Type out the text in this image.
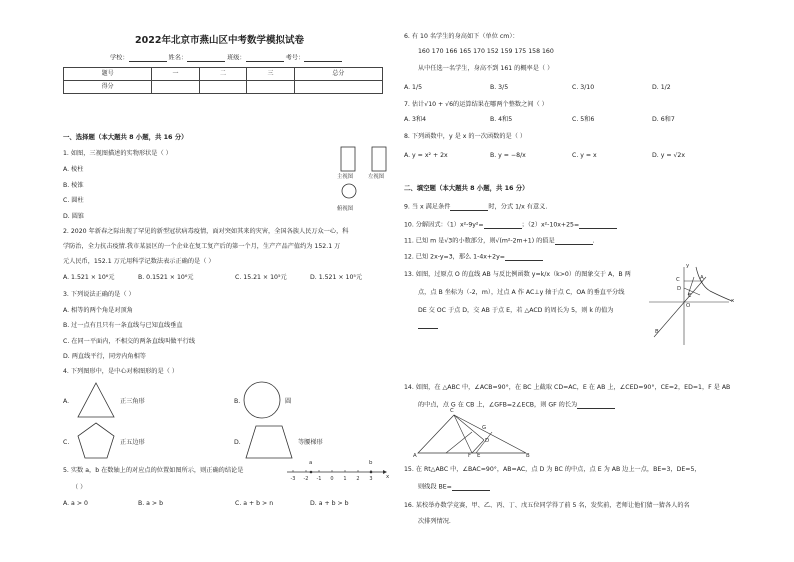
2022年北京市燕山区中考数学模拟试卷
学校：	姓名：	班级：	考号：
题号	一	二	三	总分
得分				
一、选择题（本大题共 8 小题，共 16 分）
1. 如图，三视图描述的实物形状是（ ）
A. 棱柱
B. 棱锥
C. 圆柱
D. 圆锥
主视图	左视图
俯视图
2. 2020 年新春之际出现了罕见的新型冠状病毒疫情，面对突如其来的灾害，全国各族人民万众一心，科
学防治，全力抗击疫情.我市某县区的一个企业在复工复产后的第一个月，生产产品产值约为 152.1 万
元人民币，152.1 万元用科学记数法表示正确的是（ ）
A. 1.521 × 10⁶元	B. 0.1521 × 10⁶元	C. 15.21 × 10⁵元	D. 1.521 × 10⁵元
3. 下列说法正确的是（ ）
A. 相等的两个角是对顶角
B. 过一点有且只有一条直线与已知直线垂直
C. 在同一平面内，不相交的两条直线叫做平行线
D. 两直线平行，同旁内角相等
4. 下列图形中，是中心对称图形的是（ ）
A.	正三角形	B.	圆
C.	正五边形	D.	等腰梯形
5. 实数 a，b 在数轴上的对应点的位置如图所示，则正确的结论是
（ ）
A. a > 0	B. a > b	C. a + b > n	D. a + b > b
-3 -2 -1 0 1 2 3
a	b
x
6. 有 10 名学生的身高如下（单位 cm）：
160 170 166 165 170 152 159 175 158 160
从中任选一名学生，身高不到 161 的概率是（ ）
A. 1/5	B. 3/5	C. 3/10	D. 1/2
7. 估计√10 + √6的运算结果在哪两个整数之间（ ）
A. 3和4	B. 4和5	C. 5和6	D. 6和7
8. 下列函数中，y 是 x 的一次函数的是（ ）
A. y = x² + 2x	B. y = −8/x	C. y = x	D. y = √2x
二、填空题（本大题共 8 小题，共 16 分）
9. 当 x 满足条件	时，分式 1/x 有意义.
10. 分解因式：（1）x²-9y²=	；（2）x²-10x+25=
11. 已知 m 是√3的小数部分，则√(m²-2m+1) 的值是	.
12. 已知 2x-y=3，那么 1-4x+2y=
13. 如图，过原点 O 的直线 AB 与反比例函数 y=k/x（k>0）的图象交于 A，B 两
点，点 B 坐标为（-2，m），过点 A 作 AC⊥y 轴于点 C，OA 的垂直平分线
DE 交 OC 于点 D，交 AB 于点 E，若 △ACD 的周长为 5，则 k 的值为
A
C
D
E
O
B
x
y
14. 如图，在 △ABC 中，∠ACB=90°，在 BC 上截取 CD=AC，E 在 AB 上，∠CED=90°，CE=2，ED=1，F 是 AB
的中点，点 G 在 CB 上，∠GFB=2∠ECB，则 GF 的长为
C
G
D
A	F E	B
15. 在 Rt△ABC 中，∠BAC=90°，AB=AC，点 D 为 BC 的中点，点 E 为 AB 边上一点，BE=3，DE=5，
则线段 BE=
16. 某校举办数学竞赛，甲、乙、丙、丁、戊五位同学得了前 5 名，发奖前，老师让他们猜一猜各人的名
次排列情况.
